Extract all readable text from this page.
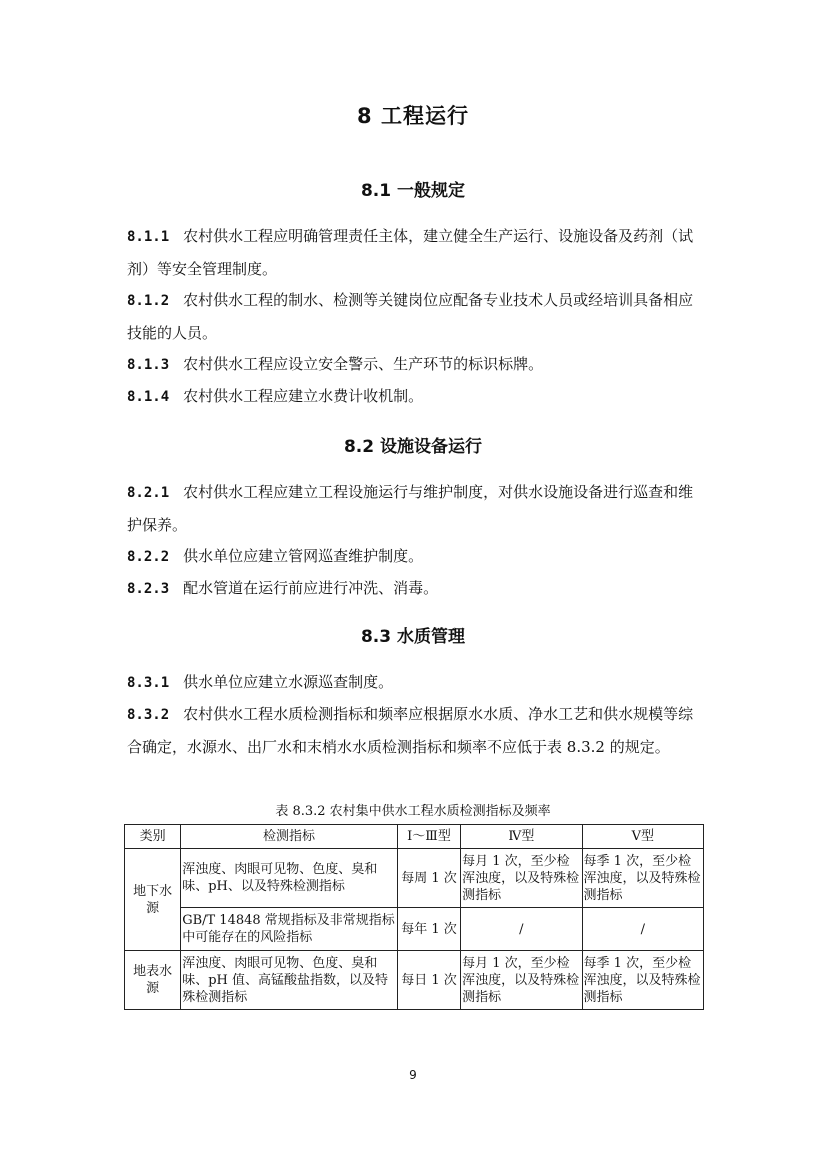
8 工程运行
8.1 一般规定
8.1.1 农村供水工程应明确管理责任主体，建立健全生产运行、设施设备及药剂（试剂）等安全管理制度。
8.1.2 农村供水工程的制水、检测等关键岗位应配备专业技术人员或经培训具备相应技能的人员。
8.1.3 农村供水工程应设立安全警示、生产环节的标识标牌。
8.1.4 农村供水工程应建立水费计收机制。
8.2 设施设备运行
8.2.1 农村供水工程应建立工程设施运行与维护制度，对供水设施设备进行巡查和维护保养。
8.2.2 供水单位应建立管网巡查维护制度。
8.2.3 配水管道在运行前应进行冲洗、消毒。
8.3 水质管理
8.3.1 供水单位应建立水源巡查制度。
8.3.2 农村供水工程水质检测指标和频率应根据原水水质、净水工艺和供水规模等综合确定，水源水、出厂水和末梢水水质检测指标和频率不应低于表 8.3.2 的规定。
表 8.3.2 农村集中供水工程水质检测指标及频率
类别	检测指标	Ⅰ～Ⅲ型	Ⅳ型	Ⅴ型
地下水源	浑浊度、肉眼可见物、色度、臭和味、pH、以及特殊检测指标	每周 1 次	每月 1 次，至少检浑浊度，以及特殊检测指标	每季 1 次，至少检浑浊度，以及特殊检测指标
	GB/T 14848 常规指标及非常规指标中可能存在的风险指标	每年 1 次	/	/
地表水源	浑浊度、肉眼可见物、色度、臭和味、pH 值、高锰酸盐指数，以及特殊检测指标	每日 1 次	每月 1 次，至少检浑浊度，以及特殊检测指标	每季 1 次，至少检浑浊度，以及特殊检测指标
9
